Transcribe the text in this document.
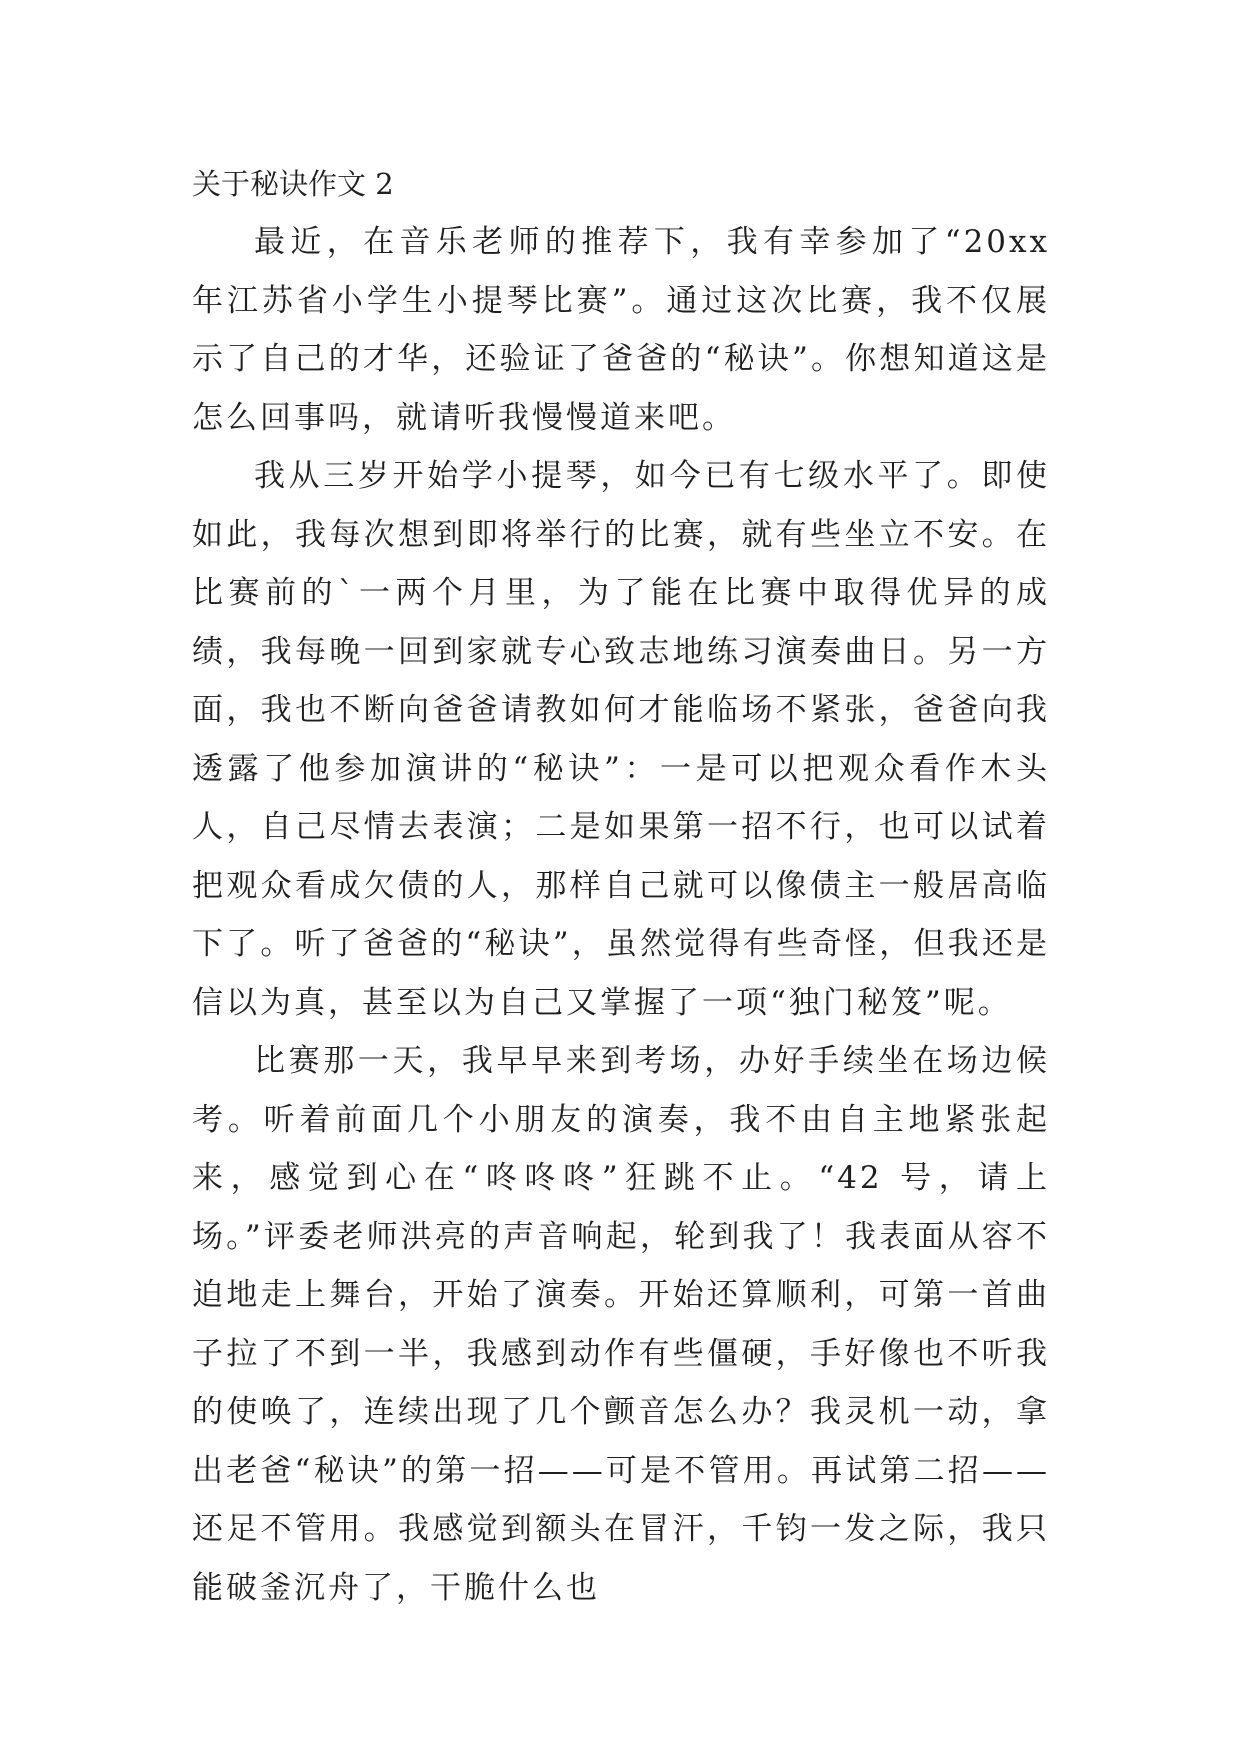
关于秘诀作文 2

最近，在音乐老师的推荐下，我有幸参加了“20xx 年江苏省小学生小提琴比赛”。通过这次比赛，我不仅展示了自己的才华，还验证了爸爸的“秘诀”。你想知道这是怎么回事吗，就请听我慢慢道来吧。

我从三岁开始学小提琴，如今已有七级水平了。即使如此，我每次想到即将举行的比赛，就有些坐立不安。在比赛前的`一两个月里，为了能在比赛中取得优异的成绩，我每晚一回到家就专心致志地练习演奏曲日。另一方面，我也不断向爸爸请教如何才能临场不紧张，爸爸向我透露了他参加演讲的“秘诀”：一是可以把观众看作木头人，自己尽情去表演；二是如果第一招不行，也可以试着把观众看成欠债的人，那样自己就可以像债主一般居高临下了。听了爸爸的“秘诀”，虽然觉得有些奇怪，但我还是信以为真，甚至以为自己又掌握了一项“独门秘笈”呢。

比赛那一天，我早早来到考场，办好手续坐在场边候考。听着前面几个小朋友的演奏，我不由自主地紧张起来，感觉到心在“咚咚咚”狂跳不止。“42 号，请上场。”评委老师洪亮的声音响起，轮到我了！我表面从容不迫地走上舞台，开始了演奏。开始还算顺利，可第一首曲子拉了不到一半，我感到动作有些僵硬，手好像也不听我的使唤了，连续出现了几个颤音怎么办？我灵机一动，拿出老爸“秘诀”的第一招——可是不管用。再试第二招——还足不管用。我感觉到额头在冒汗，千钧一发之际，我只能破釜沉舟了，干脆什么也
